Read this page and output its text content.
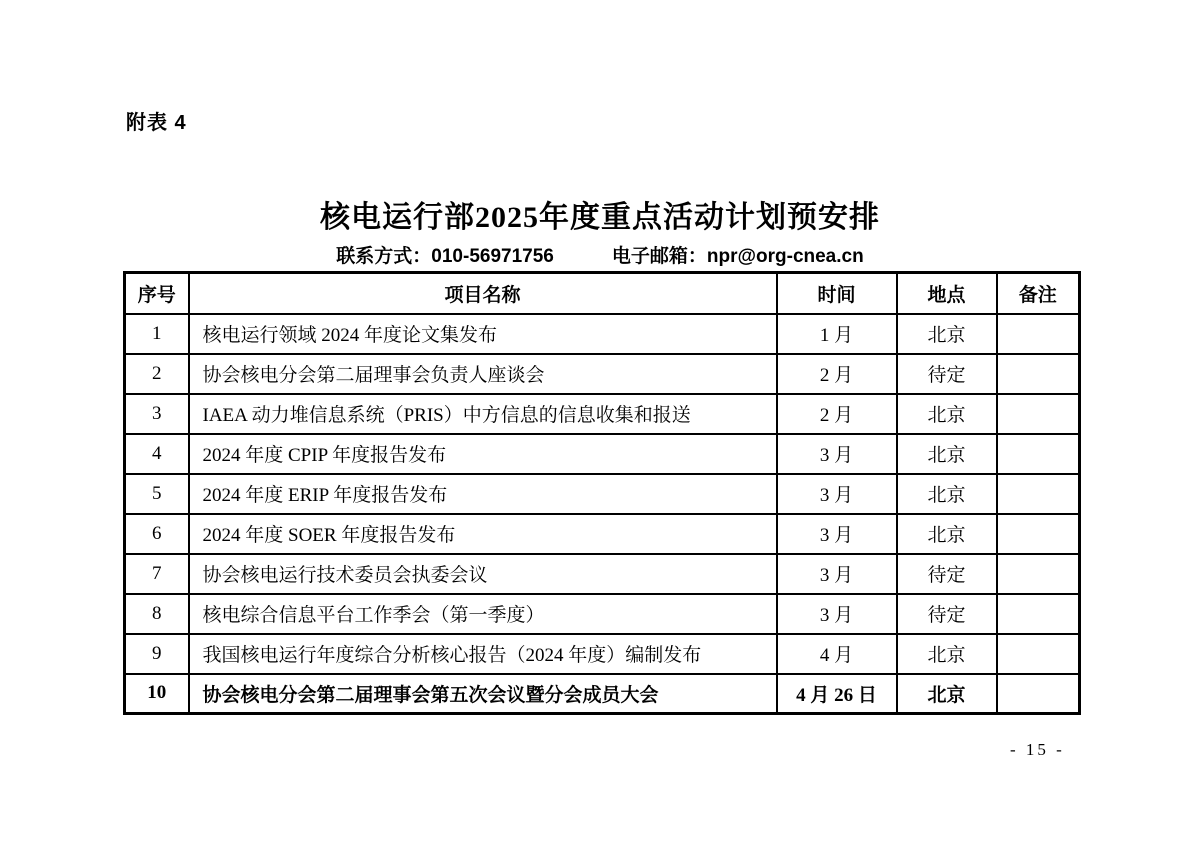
附表 4
核电运行部2025年度重点活动计划预安排
联系方式：010-56971756	电子邮箱：npr@org-cnea.cn
序号	项目名称	时间	地点	备注
1	核电运行领域 2024 年度论文集发布	1 月	北京	
2	协会核电分会第二届理事会负责人座谈会	2 月	待定	
3	IAEA 动力堆信息系统（PRIS）中方信息的信息收集和报送	2 月	北京	
4	2024 年度 CPIP 年度报告发布	3 月	北京	
5	2024 年度 ERIP 年度报告发布	3 月	北京	
6	2024 年度 SOER 年度报告发布	3 月	北京	
7	协会核电运行技术委员会执委会议	3 月	待定	
8	核电综合信息平台工作季会（第一季度）	3 月	待定	
9	我国核电运行年度综合分析核心报告（2024 年度）编制发布	4 月	北京	
10	协会核电分会第二届理事会第五次会议暨分会成员大会	4 月 26 日	北京	
- 15 -
